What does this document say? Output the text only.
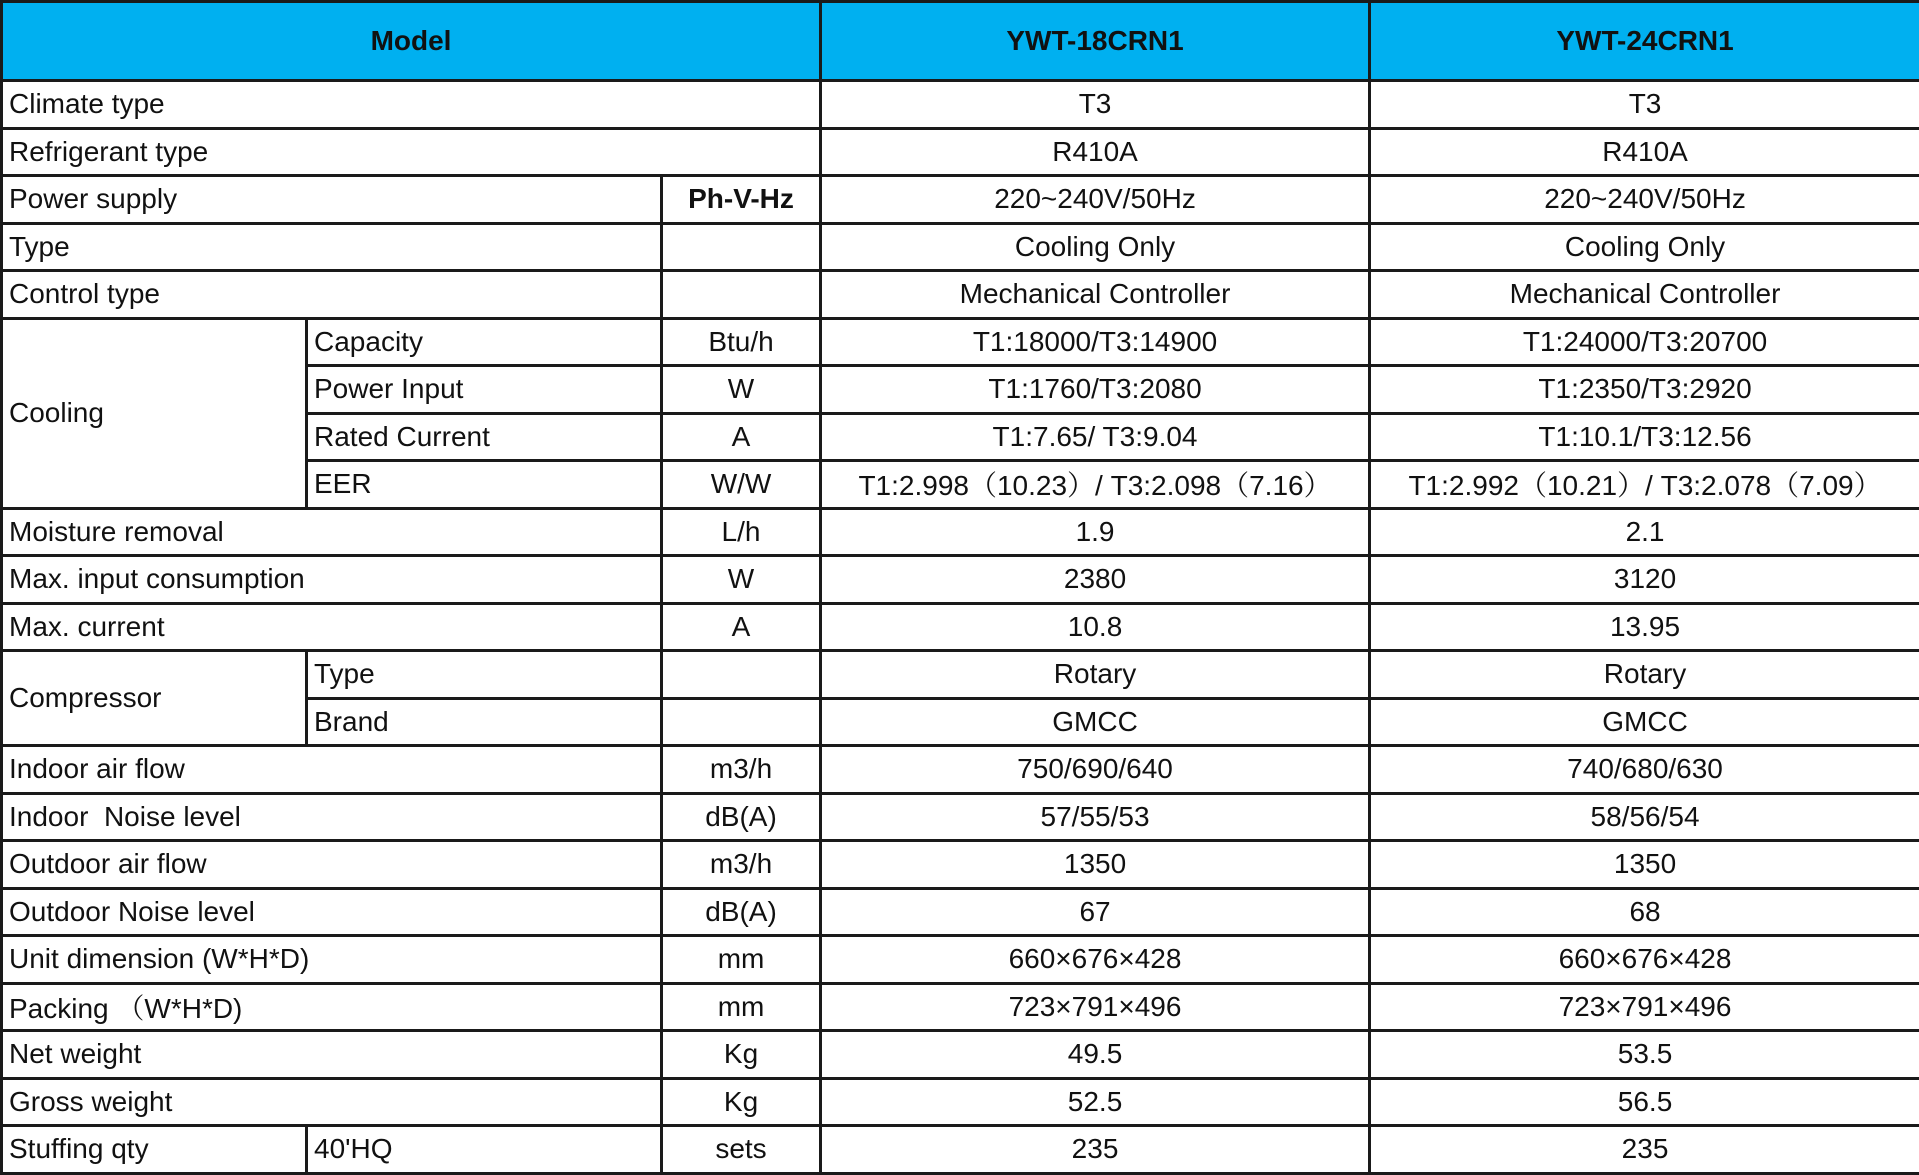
Model			YWT-18CRN1	YWT-24CRN1
Climate type			T3	T3
Refrigerant type			R410A	R410A
Power supply		Ph-V-Hz	220~240V/50Hz	220~240V/50Hz
Type			Cooling Only	Cooling Only
Control type			Mechanical Controller	Mechanical Controller
Cooling	Capacity	Btu/h	T1:18000/T3:14900	T1:24000/T3:20700
	Power Input	W	T1:1760/T3:2080	T1:2350/T3:2920
	Rated Current	A	T1:7.65/ T3:9.04	T1:10.1/T3:12.56
	EER	W/W	T1:2.998（10.23）/ T3:2.098（7.16）	T1:2.992（10.21）/ T3:2.078（7.09）
Moisture removal		L/h	1.9	2.1
Max. input consumption		W	2380	3120
Max. current		A	10.8	13.95
Compressor	Type		Rotary	Rotary
	Brand		GMCC	GMCC
Indoor air flow		m3/h	750/690/640	740/680/630
Indoor  Noise level		dB(A)	57/55/53	58/56/54
Outdoor air flow		m3/h	1350	1350
Outdoor Noise level		dB(A)	67	68
Unit dimension (W*H*D)		mm	660×676×428	660×676×428
Packing （W*H*D)		mm	723×791×496	723×791×496
Net weight		Kg	49.5	53.5
Gross weight		Kg	52.5	56.5
Stuffing qty	40'HQ	sets	235	235
